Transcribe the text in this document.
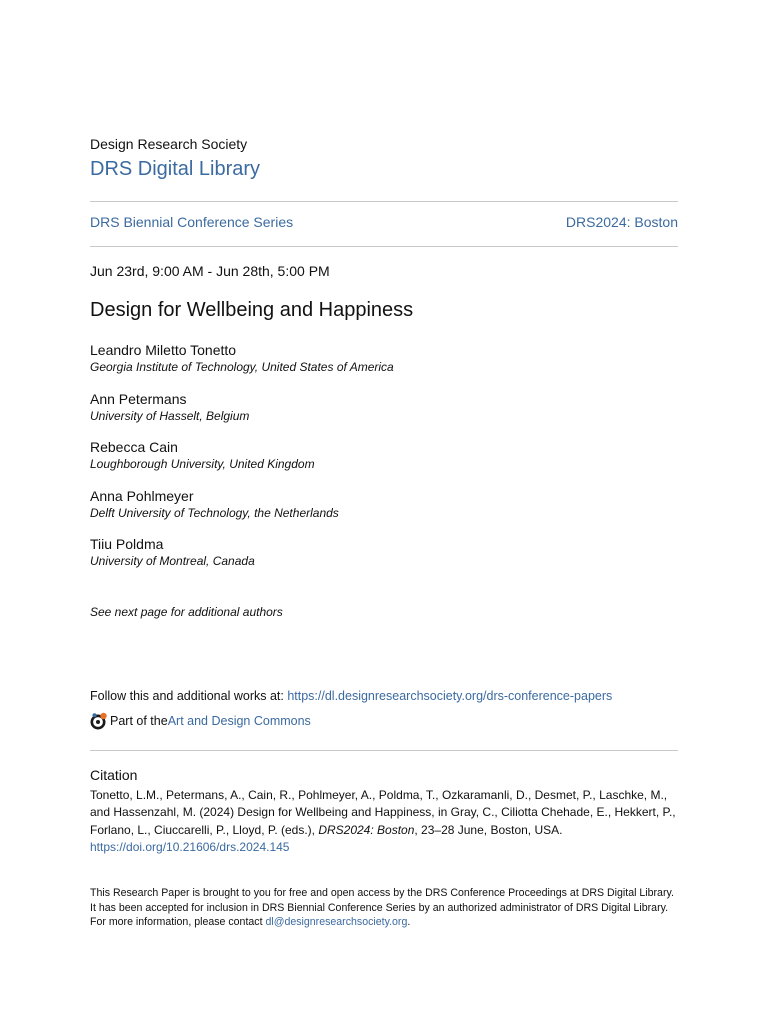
Design Research Society
DRS Digital Library
DRS Biennial Conference Series	DRS2024: Boston
Jun 23rd, 9:00 AM - Jun 28th, 5:00 PM
Design for Wellbeing and Happiness
Leandro Miletto Tonetto
Georgia Institute of Technology, United States of America
Ann Petermans
University of Hasselt, Belgium
Rebecca Cain
Loughborough University, United Kingdom
Anna Pohlmeyer
Delft University of Technology, the Netherlands
Tiiu Poldma
University of Montreal, Canada
See next page for additional authors
Follow this and additional works at: https://dl.designresearchsociety.org/drs-conference-papers
Part of the Art and Design Commons
Citation
Tonetto, L.M., Petermans, A., Cain, R., Pohlmeyer, A., Poldma, T., Ozkaramanli, D., Desmet, P., Laschke, M., and Hassenzahl, M. (2024) Design for Wellbeing and Happiness, in Gray, C., Ciliotta Chehade, E., Hekkert, P., Forlano, L., Ciuccarelli, P., Lloyd, P. (eds.), DRS2024: Boston, 23–28 June, Boston, USA. https://doi.org/10.21606/drs.2024.145
This Research Paper is brought to you for free and open access by the DRS Conference Proceedings at DRS Digital Library. It has been accepted for inclusion in DRS Biennial Conference Series by an authorized administrator of DRS Digital Library. For more information, please contact dl@designresearchsociety.org.
